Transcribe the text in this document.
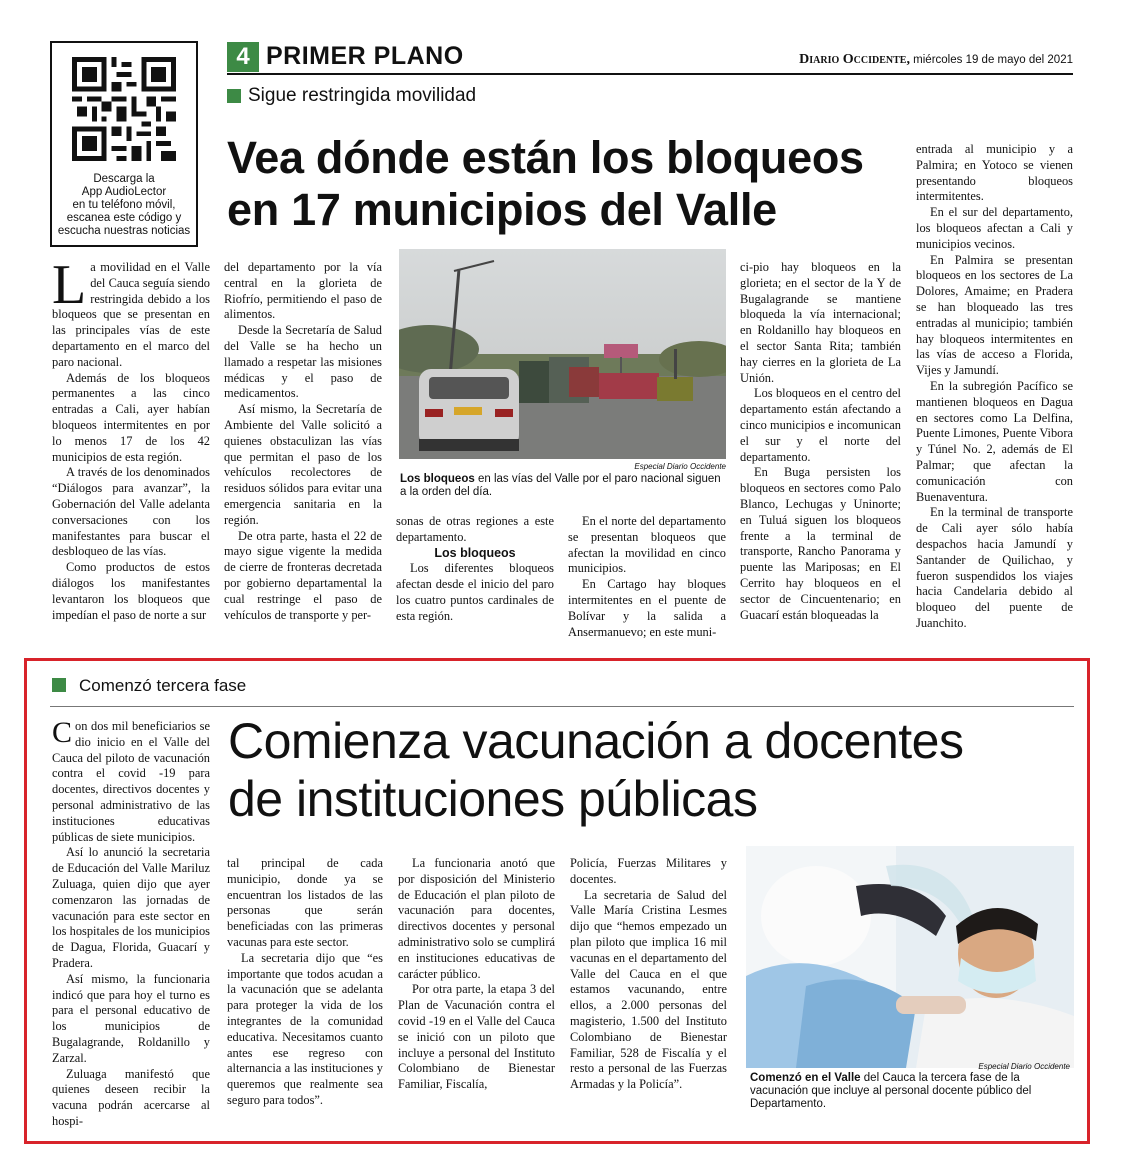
Descarga la
App AudioLector
en tu teléfono móvil,
escanea este código y
escucha nuestras noticias
4 PRIMER PLANO	Diario Occidente, miércoles 19 de mayo del 2021
Sigue restringida movilidad
Vea dónde están los bloqueos
en 17 municipios del Valle

La movilidad en el Valle del Cauca seguía siendo restringida debido a los bloqueos que se presentan en las principales vías de este departamento en el marco del paro nacional.

Además de los bloqueos permanentes a las cinco entradas a Cali, ayer habían bloqueos intermitentes en por lo menos 17 de los 42 municipios de esta región.

A través de los denominados “Diálogos para avanzar”, la Gobernación del Valle adelanta conversaciones con los manifestantes para buscar el desbloqueo de las vías.

Como productos de estos diálogos los manifestantes levantaron los bloqueos que impedían el paso de norte a sur

del departamento por la vía central en la glorieta de Riofrío, permitiendo el paso de alimentos.

Desde la Secretaría de Salud del Valle se ha hecho un llamado a respetar las misiones médicas y el paso de medicamentos.

Así mismo, la Secretaría de Ambiente del Valle solicitó a quienes obstaculizan las vías que permitan el paso de los vehículos recolectores de residuos sólidos para evitar una emergencia sanitaria en la región.

De otra parte, hasta el 22 de mayo sigue vigente la medida de cierre de fronteras decretada por gobierno departamental la cual restringe el paso de vehículos de transporte y per-

Especial Diario Occidente
Los bloqueos en las vías del Valle por el paro nacional siguen a la orden del día.

sonas de otras regiones a este departamento.

Los bloqueos

Los diferentes bloqueos afectan desde el inicio del paro los cuatro puntos cardinales de esta región.

En el norte del departamento se presentan bloqueos que afectan la movilidad en cinco municipios.

En Cartago hay bloques intermitentes en el puente de Bolívar y la salida a Ansermanuevo; en este muni-

ci-pio hay bloqueos en la glorieta; en el sector de la Y de Bugalagrande se mantiene bloqueda la vía internacional; en Roldanillo hay bloqueos en el sector Santa Rita; también hay cierres en la glorieta de La Unión.

Los bloqueos en el centro del departamento están afectando a cinco municipios e incomunican el sur y el norte del departamento.

En Buga persisten los bloqueos en sectores como Palo Blanco, Lechugas y Uninorte; en Tuluá siguen los bloqueos frente a la terminal de transporte, Rancho Panorama y puente las Mariposas; en El Cerrito hay bloqueos en el sector de Cincuentenario; en Guacarí están bloqueadas la

entrada al municipio y a Palmira; en Yotoco se vienen presentando bloqueos intermitentes.

En el sur del departamento, los bloqueos afectan a Cali y municipios vecinos.

En Palmira se presentan bloqueos en los sectores de La Dolores, Amaime; en Pradera se han bloqueado las tres entradas al municipio; también hay bloqueos intermitentes en las vías de acceso a Florida, Vijes y Jamundí.

En la subregión Pacífico se mantienen bloqueos en Dagua en sectores como La Delfina, Puente Limones, Puente Vibora y Túnel No. 2, además de El Palmar; que afectan la comunicación con Buenaventura.

En la terminal de transporte de Cali ayer sólo había despachos hacia Jamundí y Santander de Quilichao, y fueron suspendidos los viajes hacia Candelaria debido al bloqueo del puente de Juanchito.

Comenzó tercera fase
Comienza vacunación a docentes
de instituciones públicas

Con dos mil beneficiarios se dio inicio en el Valle del Cauca del piloto de vacunación contra el covid -19 para docentes, directivos docentes y personal administrativo de las instituciones educativas públicas de siete municipios.

Así lo anunció la secretaria de Educación del Valle Mariluz Zuluaga, quien dijo que ayer comenzaron las jornadas de vacunación para este sector en los hospitales de los municipios de Dagua, Florida, Guacarí y Pradera.

Así mismo, la funcionaria indicó que para hoy el turno es para el personal educativo de los municipios de Bugalagrande, Roldanillo y Zarzal.

Zuluaga manifestó que quienes deseen recibir la vacuna podrán acercarse al hospi-

tal principal de cada municipio, donde ya se encuentran los listados de las personas que serán beneficiadas con las primeras vacunas para este sector.

La secretaria dijo que “es importante que todos acudan a la vacunación que se adelanta para proteger la vida de los integrantes de la comunidad educativa. Necesitamos cuanto antes ese regreso con alternancia a las instituciones y queremos que realmente sea seguro para todos”.

La funcionaria anotó que por disposición del Ministerio de Educación el plan piloto de vacunación para docentes, directivos docentes y personal administrativo solo se cumplirá en instituciones educativas de carácter público.

Por otra parte, la etapa 3 del Plan de Vacunación contra el covid -19 en el Valle del Cauca se inició con un piloto que incluye a personal del Instituto Colombiano de Bienestar Familiar, Fiscalía,

Policía, Fuerzas Militares y docentes.

La secretaria de Salud del Valle María Cristina Lesmes dijo que “hemos empezado un plan piloto que implica 16 mil vacunas en el departamento del Valle del Cauca en el que estamos vacunando, entre ellos, a 2.000 personas del magisterio, 1.500 del Instituto Colombiano de Bienestar Familiar, 528 de Fiscalía y el resto a personal de las Fuerzas Armadas y la Policía”.

Especial Diario Occidente
Comenzó en el Valle del Cauca la tercera fase de la vacunación que incluye al personal docente público del Departamento.
